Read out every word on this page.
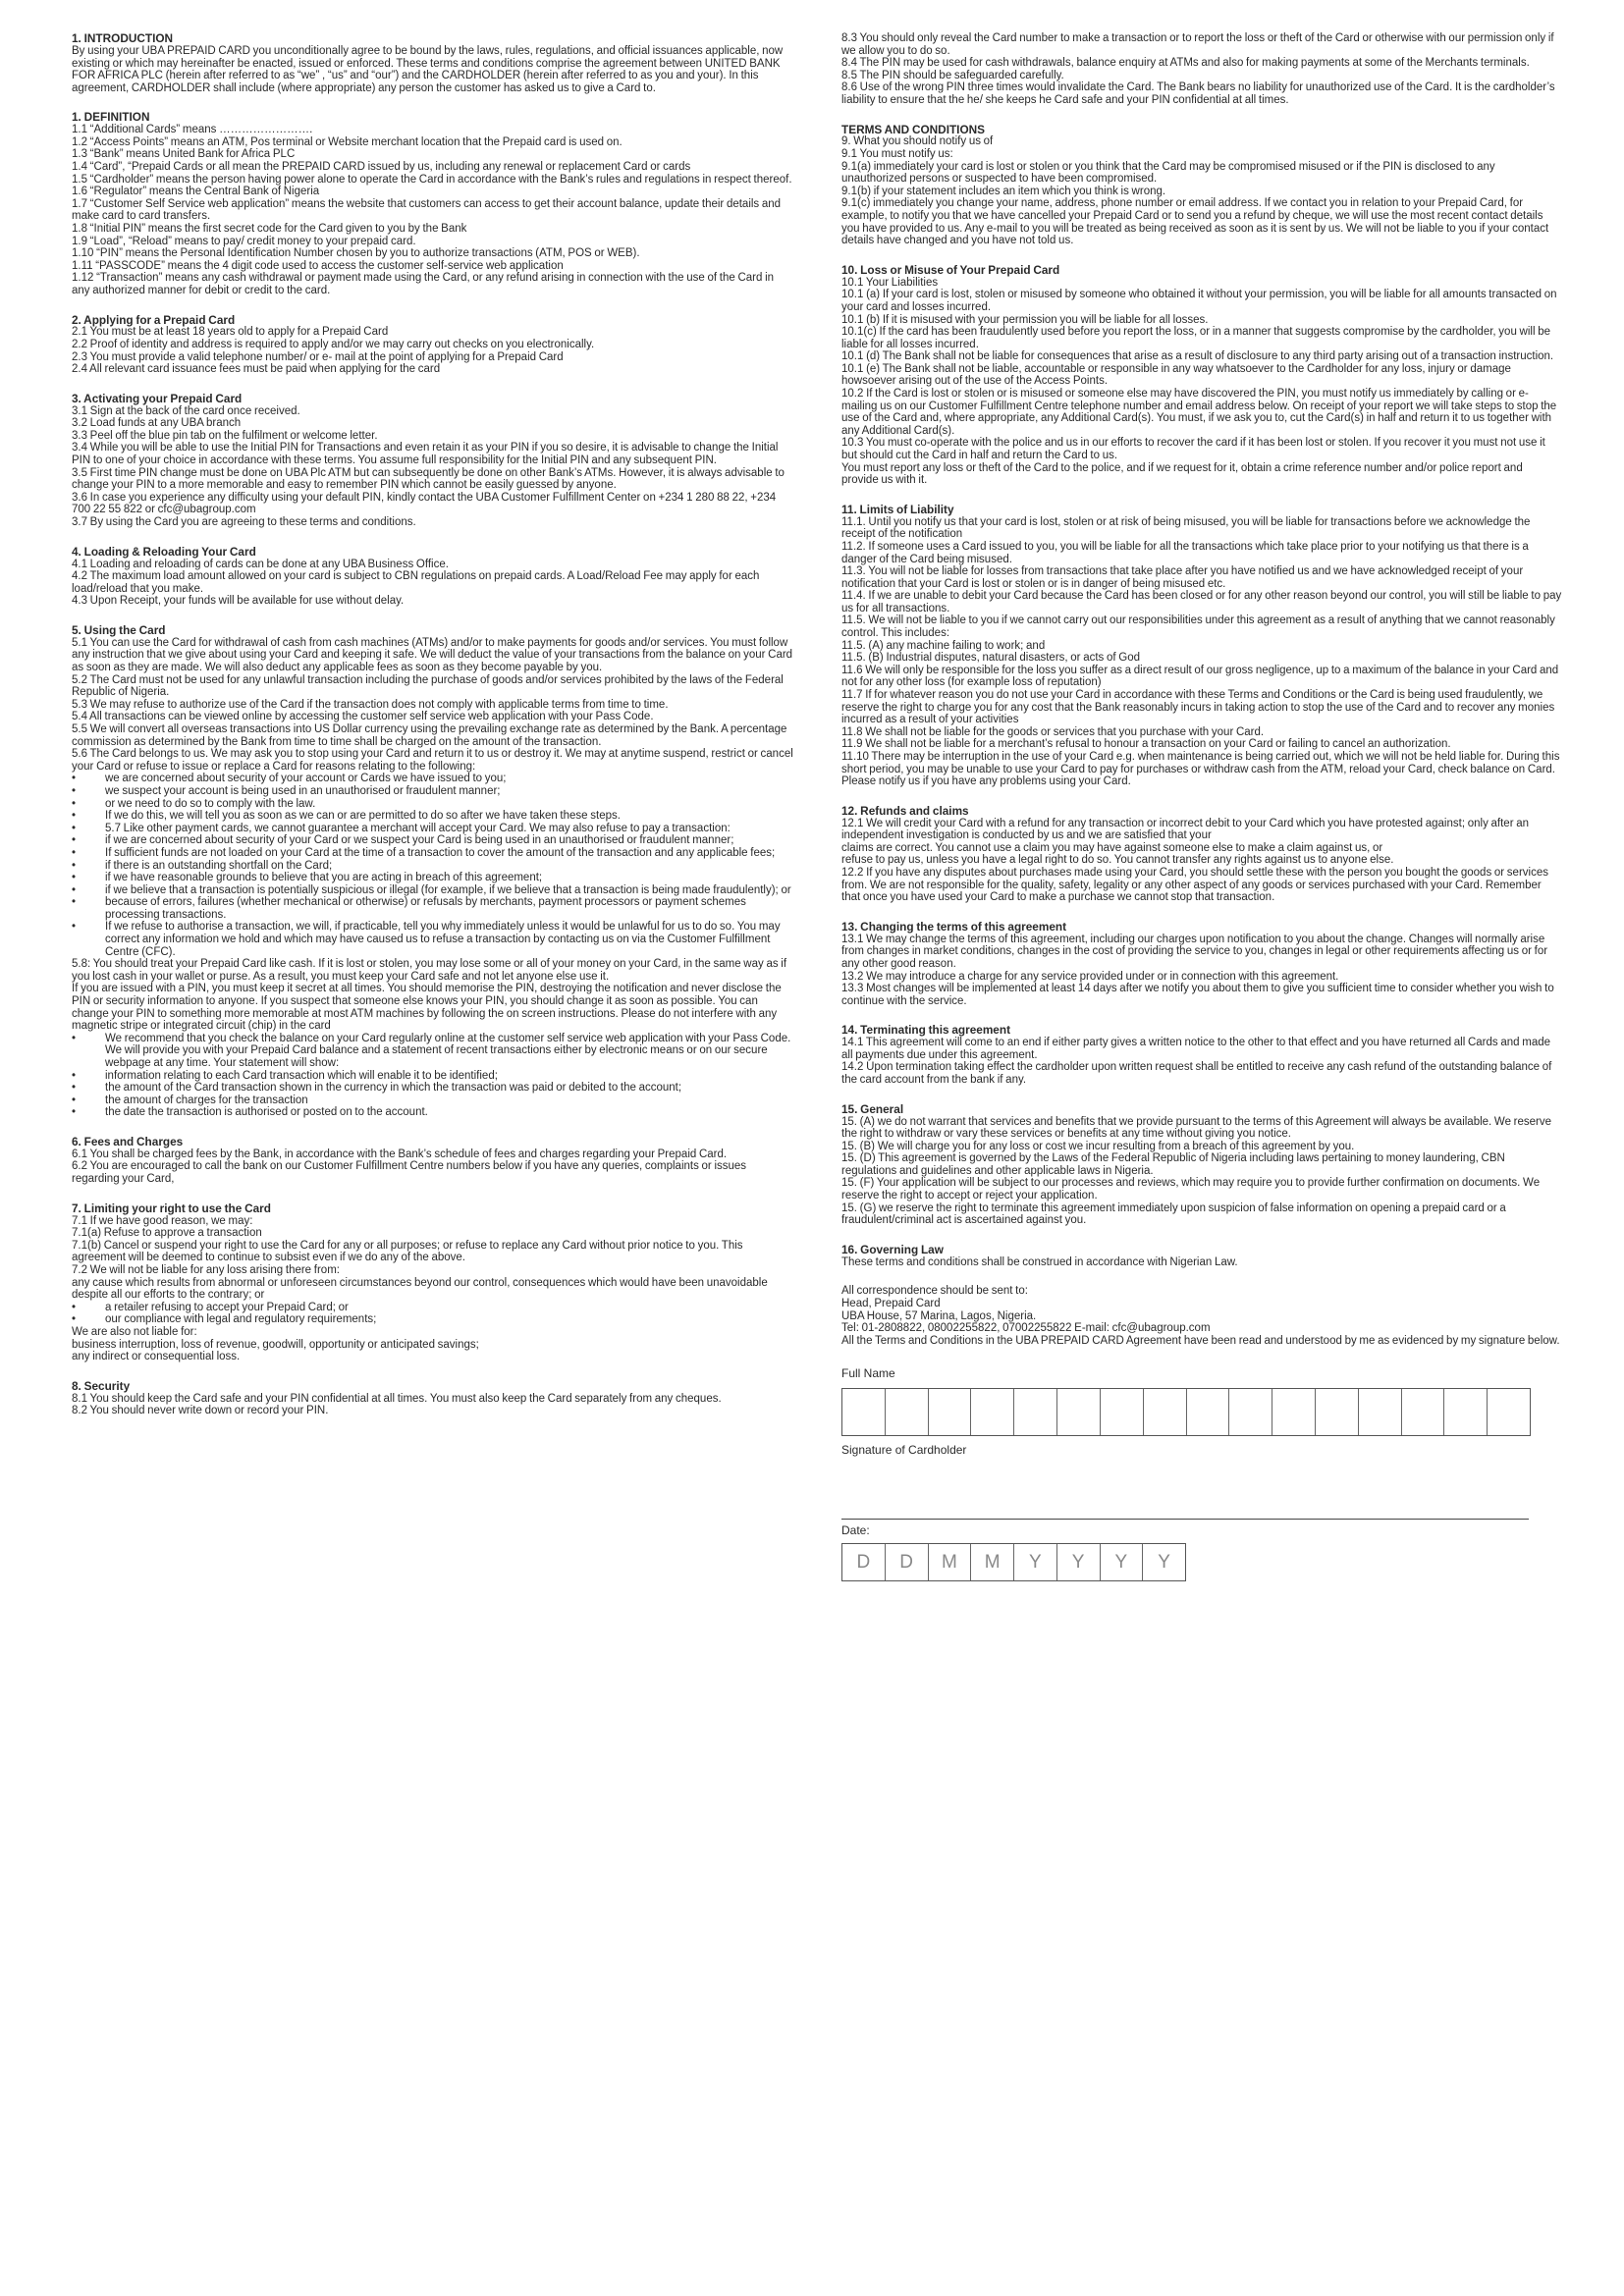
1. INTRODUCTION
By using your UBA PREPAID CARD you unconditionally agree to be bound by the laws, rules, regulations, and official issuances applicable, now existing or which may hereinafter be enacted, issued or enforced. These terms and conditions comprise the agreement between UNITED BANK FOR AFRICA PLC (herein after referred to as “we” , “us” and “our”) and the CARDHOLDER (herein after referred to as you and your). In this agreement, CARDHOLDER shall include (where appropriate) any person the customer has asked us to give a Card to.
1. DEFINITION
1.1 “Additional Cards” means …………………….
1.2 “Access Points” means an ATM, Pos terminal or Website merchant location that the Prepaid card is used on.
1.3 “Bank” means United Bank for Africa PLC
1.4 “Card”, “Prepaid Cards or all mean the PREPAID CARD issued by us, including any renewal or replacement Card or cards
1.5 “Cardholder” means the person having power alone to operate the Card in accordance with the Bank’s rules and regulations in respect thereof.
1.6 “Regulator” means the Central Bank of Nigeria
1.7 “Customer Self Service web application” means the website that customers can access to get their account balance, update their details and make card to card transfers.
1.8 “Initial PIN” means the first secret code for the Card given to you by the Bank
1.9 “Load”, “Reload” means to pay/ credit money to your prepaid card.
1.10 “PIN” means the Personal Identification Number chosen by you to authorize transactions (ATM, POS or WEB).
1.11 “PASSCODE” means the 4 digit code used to access the customer self-service web application
1.12 “Transaction” means any cash withdrawal or payment made using the Card, or any refund arising in connection with the use of the Card in any authorized manner for debit or credit to the card.
2. Applying for a Prepaid Card
2.1 You must be at least 18 years old to apply for a Prepaid Card
2.2 Proof of identity and address is required to apply and/or we may carry out checks on you electronically.
2.3 You must provide a valid telephone number/ or e- mail at the point of applying for a Prepaid Card
2.4 All relevant card issuance fees must be paid when applying for the card
3. Activating your Prepaid Card
3.1 Sign at the back of the card once received.
3.2 Load funds at any UBA branch
3.3 Peel off the blue pin tab on the fulfilment or welcome letter.
3.4 While you will be able to use the Initial PIN for Transactions and even retain it as your PIN if you so desire, it is advisable to change the Initial PIN to one of your choice in accordance with these terms. You assume full responsibility for the Initial PIN and any subsequent PIN.
3.5 First time PIN change must be done on UBA Plc ATM but can subsequently be done on other Bank’s ATMs. However, it is always advisable to change your PIN to a more memorable and easy to remember PIN which cannot be easily guessed by anyone.
3.6 In case you experience any difficulty using your default PIN, kindly contact the UBA Customer Fulfillment Center on +234 1 280 88 22, +234 700 22 55 822 or cfc@ubagroup.com
3.7 By using the Card you are agreeing to these terms and conditions.
4. Loading & Reloading Your Card
4.1 Loading and reloading of cards can be done at any UBA Business Office.
4.2 The maximum load amount allowed on your card is subject to CBN regulations on prepaid cards. A Load/Reload Fee may apply for each load/reload that you make.
4.3 Upon Receipt, your funds will be available for use without delay.
5. Using the Card
5.1 You can use the Card for withdrawal of cash from cash machines (ATMs) and/or to make payments for goods and/or services. You must follow any instruction that we give about using your Card and keeping it safe. We will deduct the value of your transactions from the balance on your Card as soon as they are made. We will also deduct any applicable fees as soon as they become payable by you.
5.2 The Card must not be used for any unlawful transaction including the purchase of goods and/or services prohibited by the laws of the Federal Republic of Nigeria.
5.3 We may refuse to authorize use of the Card if the transaction does not comply with applicable terms from time to time.
5.4 All transactions can be viewed online by accessing the customer self service web application with your Pass Code.
5.5 We will convert all overseas transactions into US Dollar currency using the prevailing exchange rate as determined by the Bank. A percentage commission as determined by the Bank from time to time shall be charged on the amount of the transaction.
5.6 The Card belongs to us. We may ask you to stop using your Card and return it to us or destroy it. We may at anytime suspend, restrict or cancel your Card or refuse to issue or replace a Card for reasons relating to the following:
•	we are concerned about security of your account or Cards we have issued to you;
•	we suspect your account is being used in an unauthorised or fraudulent manner;
•	or we need to do so to comply with the law.
•	If we do this, we will tell you as soon as we can or are permitted to do so after we have taken these steps.
•	5.7 Like other payment cards, we cannot guarantee a merchant will accept your Card. We may also refuse to pay a transaction:
•	if we are concerned about security of your Card or we suspect your Card is being used in an unauthorised or fraudulent manner;
•	If sufficient funds are not loaded on your Card at the time of a transaction to cover the amount of the transaction and any applicable fees;
•	if there is an outstanding shortfall on the Card;
•	if we have reasonable grounds to believe that you are acting in breach of this agreement;
•	if we believe that a transaction is potentially suspicious or illegal (for example, if we believe that a transaction is being made fraudulently); or
•	because of errors, failures (whether mechanical or otherwise) or refusals by merchants, payment processors or payment schemes processing transactions.
•	If we refuse to authorise a transaction, we will, if practicable, tell you why immediately unless it would be unlawful for us to do so. You may correct any information we hold and which may have caused us to refuse a transaction by contacting us on via the Customer Fulfillment Centre (CFC).
5.8: You should treat your Prepaid Card like cash. If it is lost or stolen, you may lose some or all of your money on your Card, in the same way as if you lost cash in your wallet or purse. As a result, you must keep your Card safe and not let anyone else use it.
If you are issued with a PIN, you must keep it secret at all times. You should memorise the PIN, destroying the notification and never disclose the PIN or security information to anyone. If you suspect that someone else knows your PIN, you should change it as soon as possible. You can change your PIN to something more memorable at most ATM machines by following the on screen instructions. Please do not interfere with any magnetic stripe or integrated circuit (chip) in the card
•	We recommend that you check the balance on your Card regularly online at the customer self service web application with your Pass Code. We will provide you with your Prepaid Card balance and a statement of recent transactions either by electronic means or on our secure webpage at any time. Your statement will show:
•	information relating to each Card transaction which will enable it to be identified;
•	the amount of the Card transaction shown in the currency in which the transaction was paid or debited to the account;
•	the amount of charges for the transaction
•	the date the transaction is authorised or posted on to the account.
6. Fees and Charges
6.1 You shall be charged fees by the Bank, in accordance with the Bank’s schedule of fees and charges regarding your Prepaid Card.
6.2 You are encouraged to call the bank on our Customer Fulfillment Centre numbers below if you have any queries, complaints or issues regarding your Card,
7. Limiting your right to use the Card
7.1 If we have good reason, we may:
7.1(a) Refuse to approve a transaction
7.1(b) Cancel or suspend your right to use the Card for any or all purposes; or refuse to replace any Card without prior notice to you. This agreement will be deemed to continue to subsist even if we do any of the above.
7.2 We will not be liable for any loss arising there from:
any cause which results from abnormal or unforeseen circumstances beyond our control, consequences which would have been unavoidable despite all our efforts to the contrary; or
•	a retailer refusing to accept your Prepaid Card; or
•	our compliance with legal and regulatory requirements;
We are also not liable for:
business interruption, loss of revenue, goodwill, opportunity or anticipated savings;
any indirect or consequential loss.
8. Security
8.1 You should keep the Card safe and your PIN confidential at all times. You must also keep the Card separately from any cheques.
8.2 You should never write down or record your PIN.
8.3 You should only reveal the Card number to make a transaction or to report the loss or theft of the Card or otherwise with our permission only if we allow you to do so.
8.4 The PIN may be used for cash withdrawals, balance enquiry at ATMs and also for making payments at some of the Merchants terminals.
8.5 The PIN should be safeguarded carefully.
8.6 Use of the wrong PIN three times would invalidate the Card. The Bank bears no liability for unauthorized use of the Card. It is the cardholder’s liability to ensure that the he/ she keeps he Card safe and your PIN confidential at all times.
TERMS AND CONDITIONS
9. What you should notify us of
9.1 You must notify us:
9.1(a) immediately your card is lost or stolen or you think that the Card may be compromised misused or if the PIN is disclosed to any unauthorized persons or suspected to have been compromised.
9.1(b) if your statement includes an item which you think is wrong.
9.1(c) immediately you change your name, address, phone number or email address. If we contact you in relation to your Prepaid Card, for example, to notify you that we have cancelled your Prepaid Card or to send you a refund by cheque, we will use the most recent contact details you have provided to us. Any e-mail to you will be treated as being received as soon as it is sent by us. We will not be liable to you if your contact details have changed and you have not told us.
10. Loss or Misuse of Your Prepaid Card
10.1 Your Liabilities
10.1 (a) If your card is lost, stolen or misused by someone who obtained it without your permission, you will be liable for all amounts transacted on your card and losses incurred.
10.1 (b) If it is misused with your permission you will be liable for all losses.
10.1(c) If the card has been fraudulently used before you report the loss, or in a manner that suggests compromise by the cardholder, you will be liable for all losses incurred.
10.1 (d) The Bank shall not be liable for consequences that arise as a result of disclosure to any third party arising out of a transaction instruction.
10.1 (e) The Bank shall not be liable, accountable or responsible in any way whatsoever to the Cardholder for any loss, injury or damage howsoever arising out of the use of the Access Points.
10.2 If the Card is lost or stolen or is misused or someone else may have discovered the PIN, you must notify us immediately by calling or e-mailing us on our Customer Fulfillment Centre telephone number and email address below. On receipt of your report we will take steps to stop the use of the Card and, where appropriate, any Additional Card(s). You must, if we ask you to, cut the Card(s) in half and return it to us together with any Additional Card(s).
10.3 You must co-operate with the police and us in our efforts to recover the card if it has been lost or stolen. If you recover it you must not use it but should cut the Card in half and return the Card to us.
You must report any loss or theft of the Card to the police, and if we request for it, obtain a crime reference number and/or police report and provide us with it.
11. Limits of Liability
11.1. Until you notify us that your card is lost, stolen or at risk of being misused, you will be liable for transactions before we acknowledge the receipt of the notification
11.2. If someone uses a Card issued to you, you will be liable for all the transactions which take place prior to your notifying us that there is a danger of the Card being misused.
11.3. You will not be liable for losses from transactions that take place after you have notified us and we have acknowledged receipt of your notification that your Card is lost or stolen or is in danger of being misused etc.
11.4. If we are unable to debit your Card because the Card has been closed or for any other reason beyond our control, you will still be liable to pay us for all transactions.
11.5. We will not be liable to you if we cannot carry out our responsibilities under this agreement as a result of anything that we cannot reasonably control. This includes:
11.5. (A) any machine failing to work; and
11.5. (B) Industrial disputes, natural disasters, or acts of God
11.6 We will only be responsible for the loss you suffer as a direct result of our gross negligence, up to a maximum of the balance in your Card and not for any other loss (for example loss of reputation)
11.7 If for whatever reason you do not use your Card in accordance with these Terms and Conditions or the Card is being used fraudulently, we reserve the right to charge you for any cost that the Bank reasonably incurs in taking action to stop the use of the Card and to recover any monies incurred as a result of your activities
11.8 We shall not be liable for the goods or services that you purchase with your Card.
11.9 We shall not be liable for a merchant’s refusal to honour a transaction on your Card or failing to cancel an authorization.
11.10 There may be interruption in the use of your Card e.g. when maintenance is being carried out, which we will not be held liable for. During this short period, you may be unable to use your Card to pay for purchases or withdraw cash from the ATM, reload your Card, check balance on Card. Please notify us if you have any problems using your Card.
12. Refunds and claims
12.1 We will credit your Card with a refund for any transaction or incorrect debit to your Card which you have protested against; only after an independent investigation is conducted by us and we are satisfied that your
claims are correct. You cannot use a claim you may have against someone else to make a claim against us, or
refuse to pay us, unless you have a legal right to do so. You cannot transfer any rights against us to anyone else.
12.2 If you have any disputes about purchases made using your Card, you should settle these with the person you bought the goods or services from. We are not responsible for the quality, safety, legality or any other aspect of any goods or services purchased with your Card. Remember that once you have used your Card to make a purchase we cannot stop that transaction.
13. Changing the terms of this agreement
13.1 We may change the terms of this agreement, including our charges upon notification to you about the change. Changes will normally arise from changes in market conditions, changes in the cost of providing the service to you, changes in legal or other requirements affecting us or for any other good reason.
13.2 We may introduce a charge for any service provided under or in connection with this agreement.
13.3 Most changes will be implemented at least 14 days after we notify you about them to give you sufficient time to consider whether you wish to continue with the service.
14. Terminating this agreement
14.1 This agreement will come to an end if either party gives a written notice to the other to that effect and you have returned all Cards and made all payments due under this agreement.
14.2 Upon termination taking effect the cardholder upon written request shall be entitled to receive any cash refund of the outstanding balance of the card account from the bank if any.
15. General
15. (A) we do not warrant that services and benefits that we provide pursuant to the terms of this Agreement will always be available. We reserve the right to withdraw or vary these services or benefits at any time without giving you notice.
15. (B) We will charge you for any loss or cost we incur resulting from a breach of this agreement by you.
15. (D) This agreement is governed by the Laws of the Federal Republic of Nigeria including laws pertaining to money laundering, CBN regulations and guidelines and other applicable laws in Nigeria.
15. (F) Your application will be subject to our processes and reviews, which may require you to provide further confirmation on documents. We reserve the right to accept or reject your application.
15. (G) we reserve the right to terminate this agreement immediately upon suspicion of false information on opening a prepaid card or a fraudulent/criminal act is ascertained against you.
16. Governing Law
These terms and conditions shall be construed in accordance with Nigerian Law.
All correspondence should be sent to:
Head, Prepaid Card
UBA House, 57 Marina, Lagos, Nigeria.
Tel: 01-2808822, 08002255822, 07002255822 E-mail: cfc@ubagroup.com
All the Terms and Conditions in the UBA PREPAID CARD Agreement have been read and understood by me as evidenced by my signature below.
Full Name
Signature of Cardholder
Date:
D	D	M	M	Y	Y	Y	Y
